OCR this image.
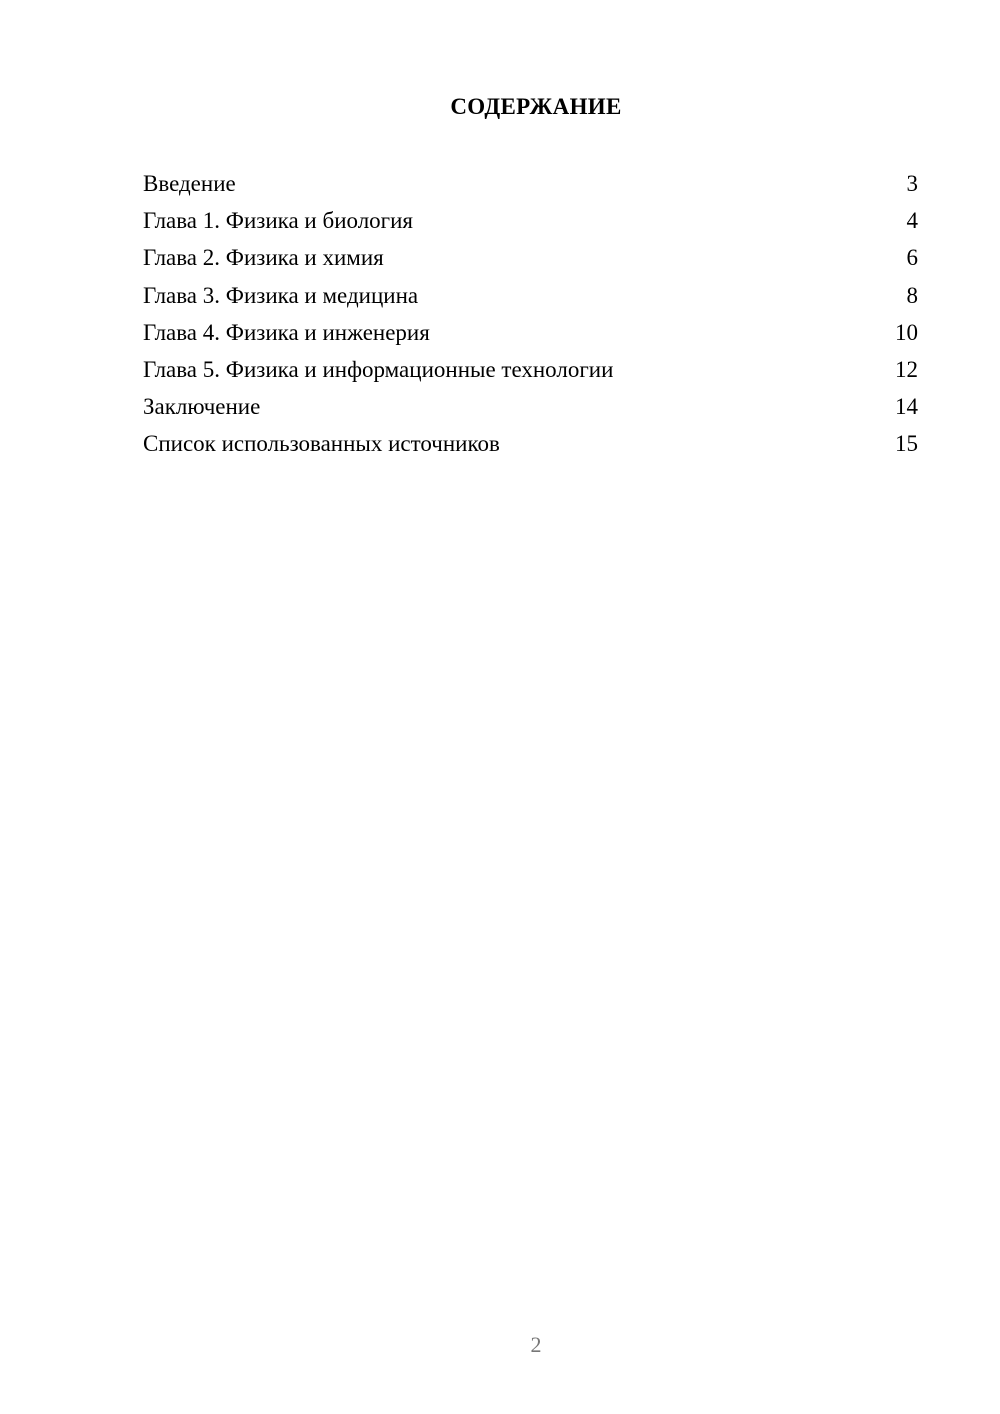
СОДЕРЖАНИЕ
Введение	3
Глава 1. Физика и биология	4
Глава 2. Физика и химия	6
Глава 3. Физика и медицина	8
Глава 4. Физика и инженерия	10
Глава 5. Физика и информационные технологии	12
Заключение	14
Список использованных источников	15
2
